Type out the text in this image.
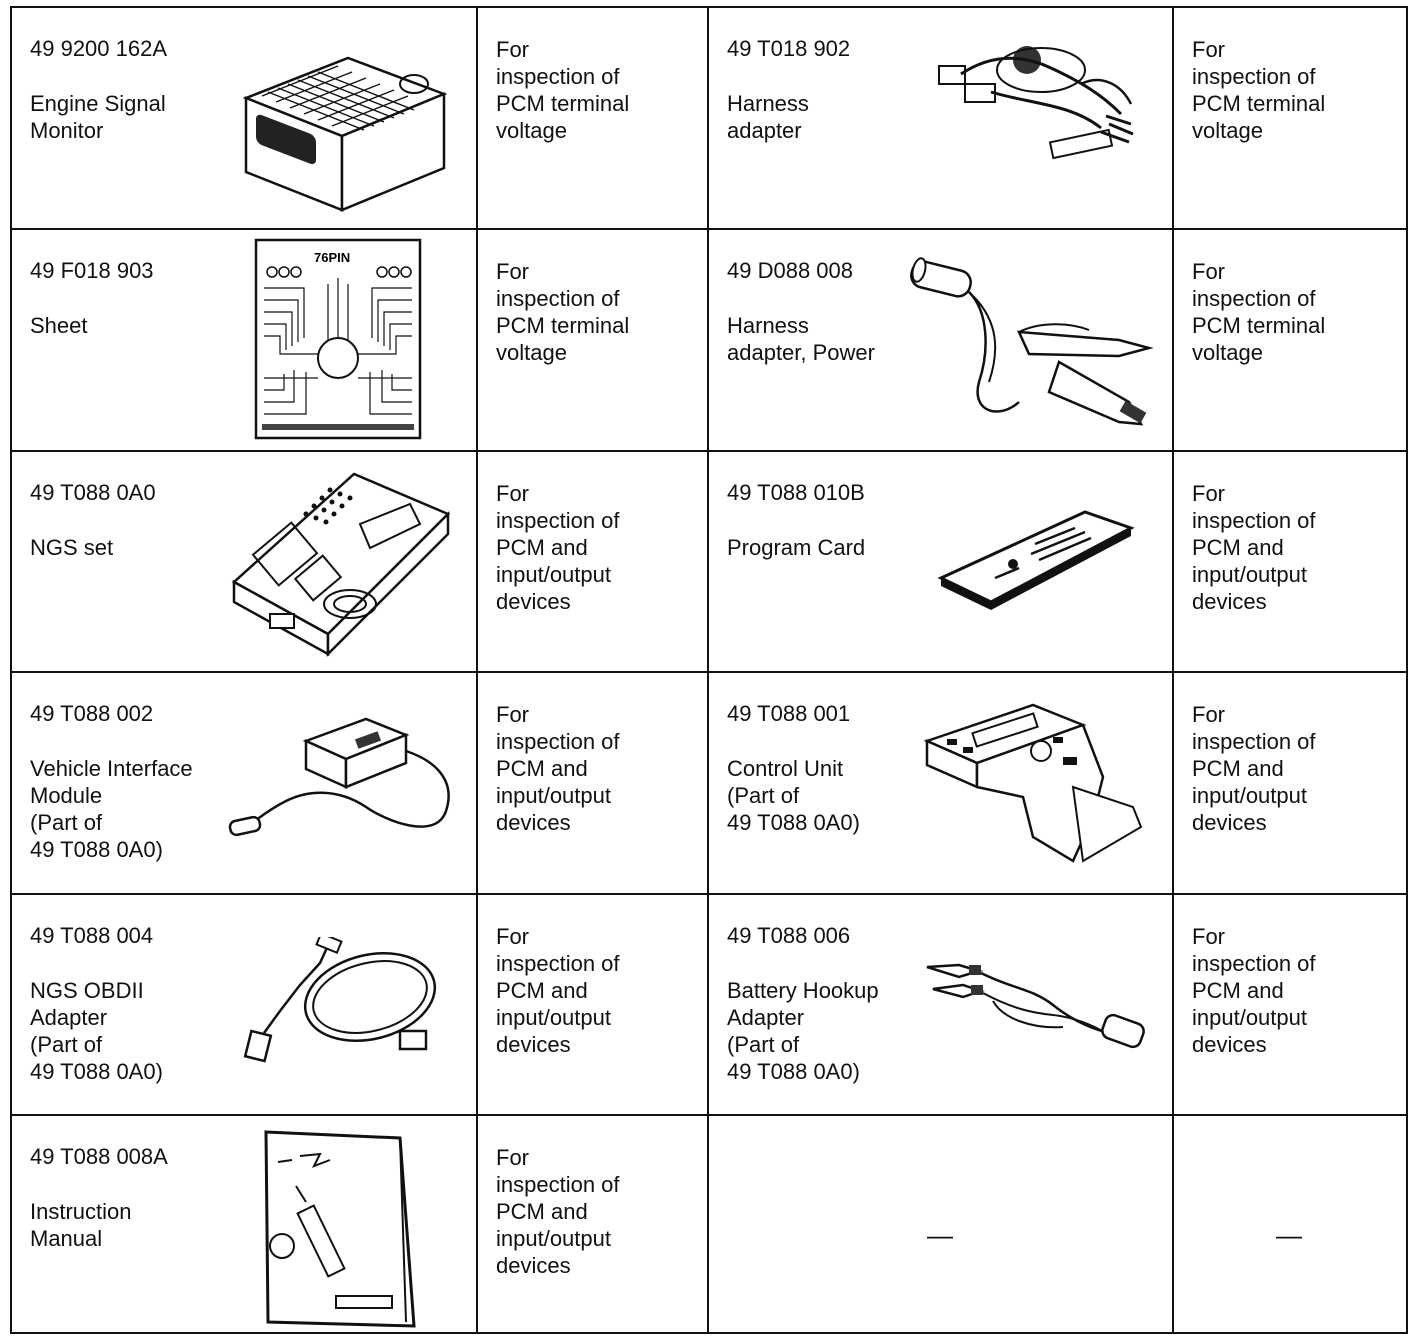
49 9200 162A
Engine Signal
Monitor
For
inspection of
PCM terminal
voltage
49 T018 902
Harness
adapter
For
inspection of
PCM terminal
voltage
49 F018 903
Sheet
76PIN
For
inspection of
PCM terminal
voltage
49 D088 008
Harness
adapter, Power
For
inspection of
PCM terminal
voltage
49 T088 0A0
NGS set
For
inspection of
PCM and
input/output
devices
49 T088 010B
Program Card
For
inspection of
PCM and
input/output
devices
49 T088 002
Vehicle Interface
Module
(Part of
49 T088 0A0)
For
inspection of
PCM and
input/output
devices
49 T088 001
Control Unit
(Part of
49 T088 0A0)
For
inspection of
PCM and
input/output
devices
49 T088 004
NGS OBDII
Adapter
(Part of
49 T088 0A0)
For
inspection of
PCM and
input/output
devices
49 T088 006
Battery Hookup
Adapter
(Part of
49 T088 0A0)
For
inspection of
PCM and
input/output
devices
49 T088 008A
Instruction
Manual
For
inspection of
PCM and
input/output
devices
—	—
